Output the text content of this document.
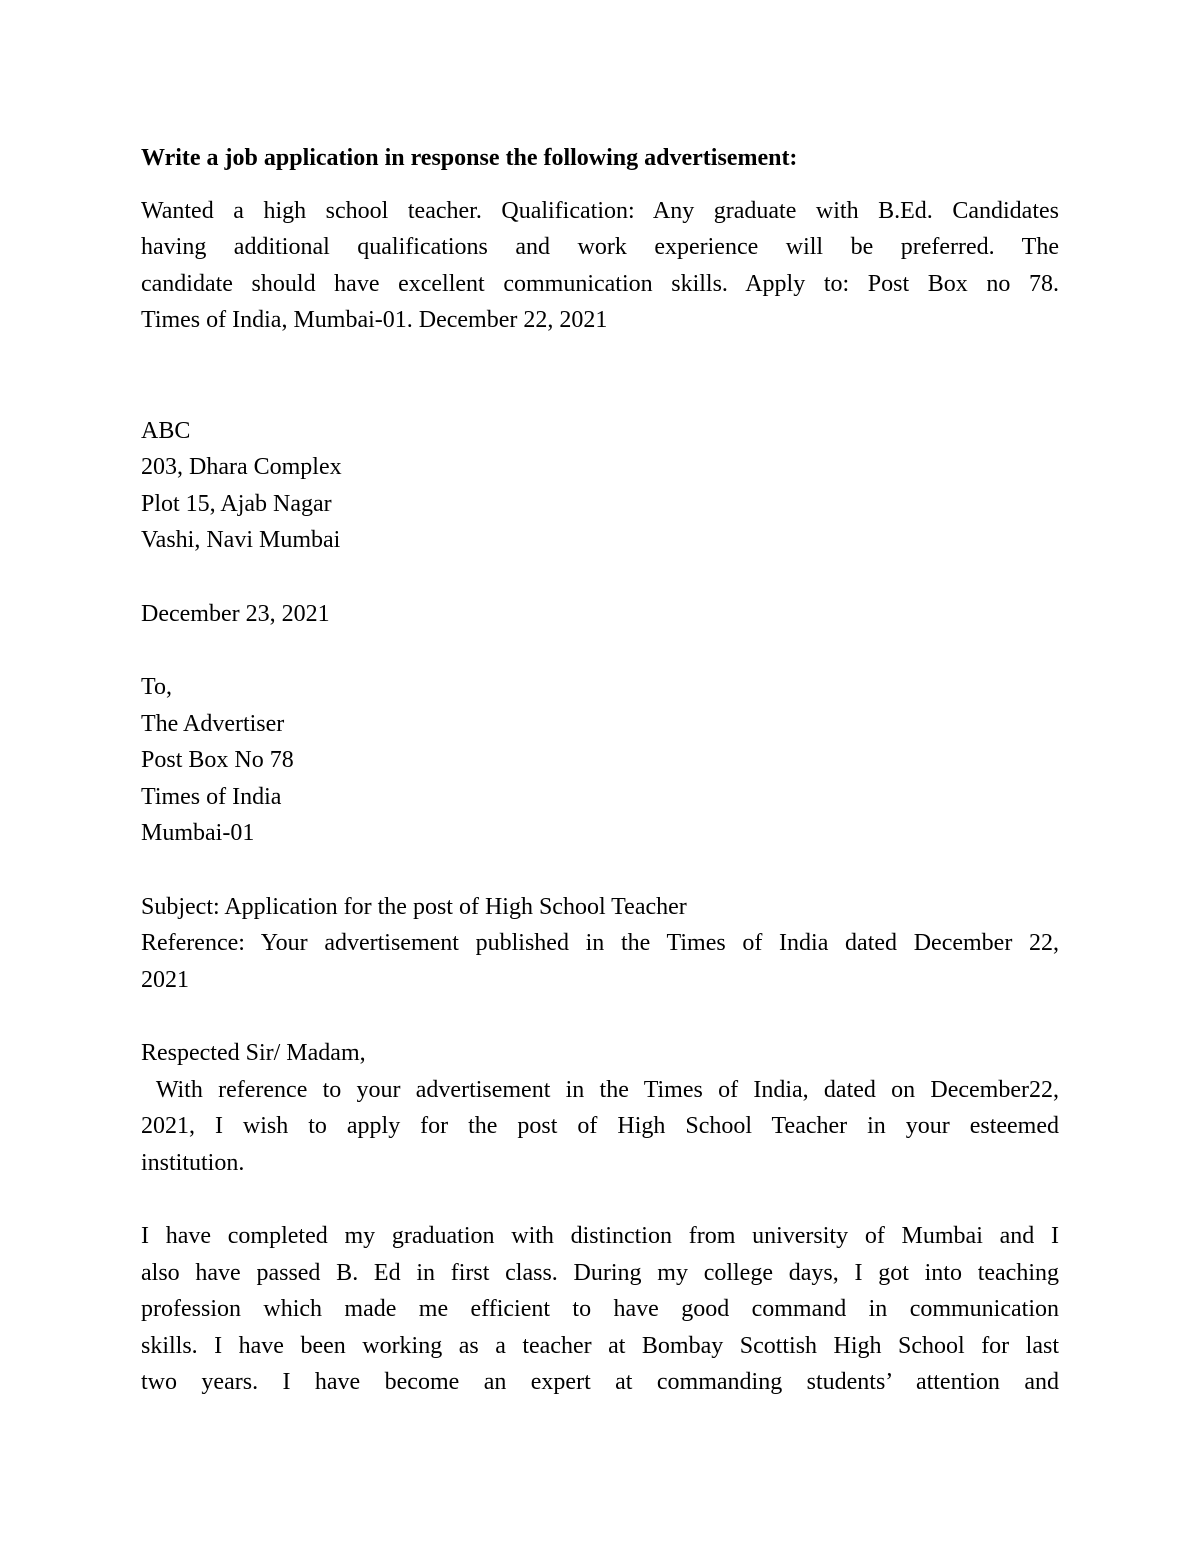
Write a job application in response the following advertisement:
Wanted a high school teacher. Qualification: Any graduate with B.Ed. Candidates
having additional qualifications and work experience will be preferred. The
candidate should have excellent communication skills. Apply to: Post Box no 78.
Times of India, Mumbai-01. December 22, 2021
ABC
203, Dhara Complex
Plot 15, Ajab Nagar
Vashi, Navi Mumbai
December 23, 2021
To,
The Advertiser
Post Box No 78
Times of India
Mumbai-01
Subject: Application for the post of High School Teacher
Reference: Your advertisement published in the Times of India dated December 22,
2021
Respected Sir/ Madam,
With reference to your advertisement in the Times of India, dated on December22,
2021, I wish to apply for the post of High School Teacher in your esteemed
institution.
I have completed my graduation with distinction from university of Mumbai and I
also have passed B. Ed in first class. During my college days, I got into teaching
profession which made me efficient to have good command in communication
skills. I have been working as a teacher at Bombay Scottish High School for last
two years. I have become an expert at commanding students’ attention and
